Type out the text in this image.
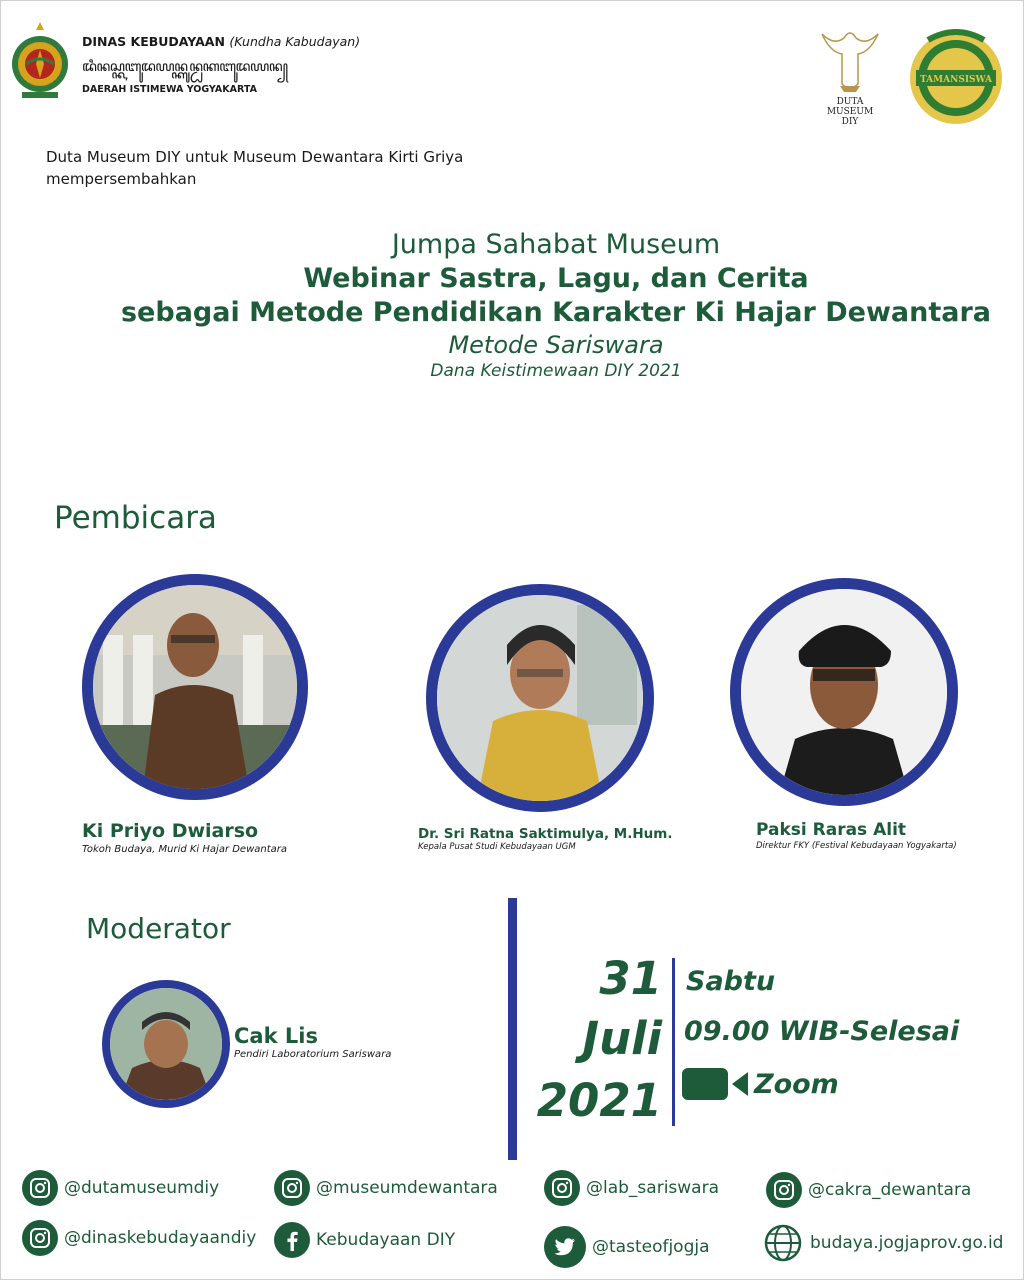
DINAS KEBUDAYAAN (Kundha Kabudayan)
ꦢꦶꦤꦱ꧀ꦏꦧꦸꦢꦪꦤ꧀ꦏꦸꦤ꧀ꦝꦏꦧꦸꦢꦪꦤ꧀
DAERAH ISTIMEWA YOGYAKARTA
DUTA
MUSEUM
DIY
TAMANSISWA
Duta Museum DIY untuk Museum Dewantara Kirti Griya
mempersembahkan
Jumpa Sahabat Museum
Webinar Sastra, Lagu, dan Cerita
sebagai Metode Pendidikan Karakter Ki Hajar Dewantara
Metode Sariswara
Dana Keistimewaan DIY 2021
Pembicara
Ki Priyo Dwiarso
Tokoh Budaya, Murid Ki Hajar Dewantara
Dr. Sri Ratna Saktimulya, M.Hum.
Kepala Pusat Studi Kebudayaan UGM
Paksi Raras Alit
Direktur FKY (Festival Kebudayaan Yogyakarta)
Moderator
Cak Lis
Pendiri Laboratorium Sariswara
31
Juli
2021
Sabtu
09.00 WIB-Selesai
Zoom
@dutamuseumdiy	@museumdewantara	@lab_sariswara	@cakra_dewantara
@dinaskebudayaandiy	Kebudayaan DIY	@tasteofjogja	budaya.jogjaprov.go.id
